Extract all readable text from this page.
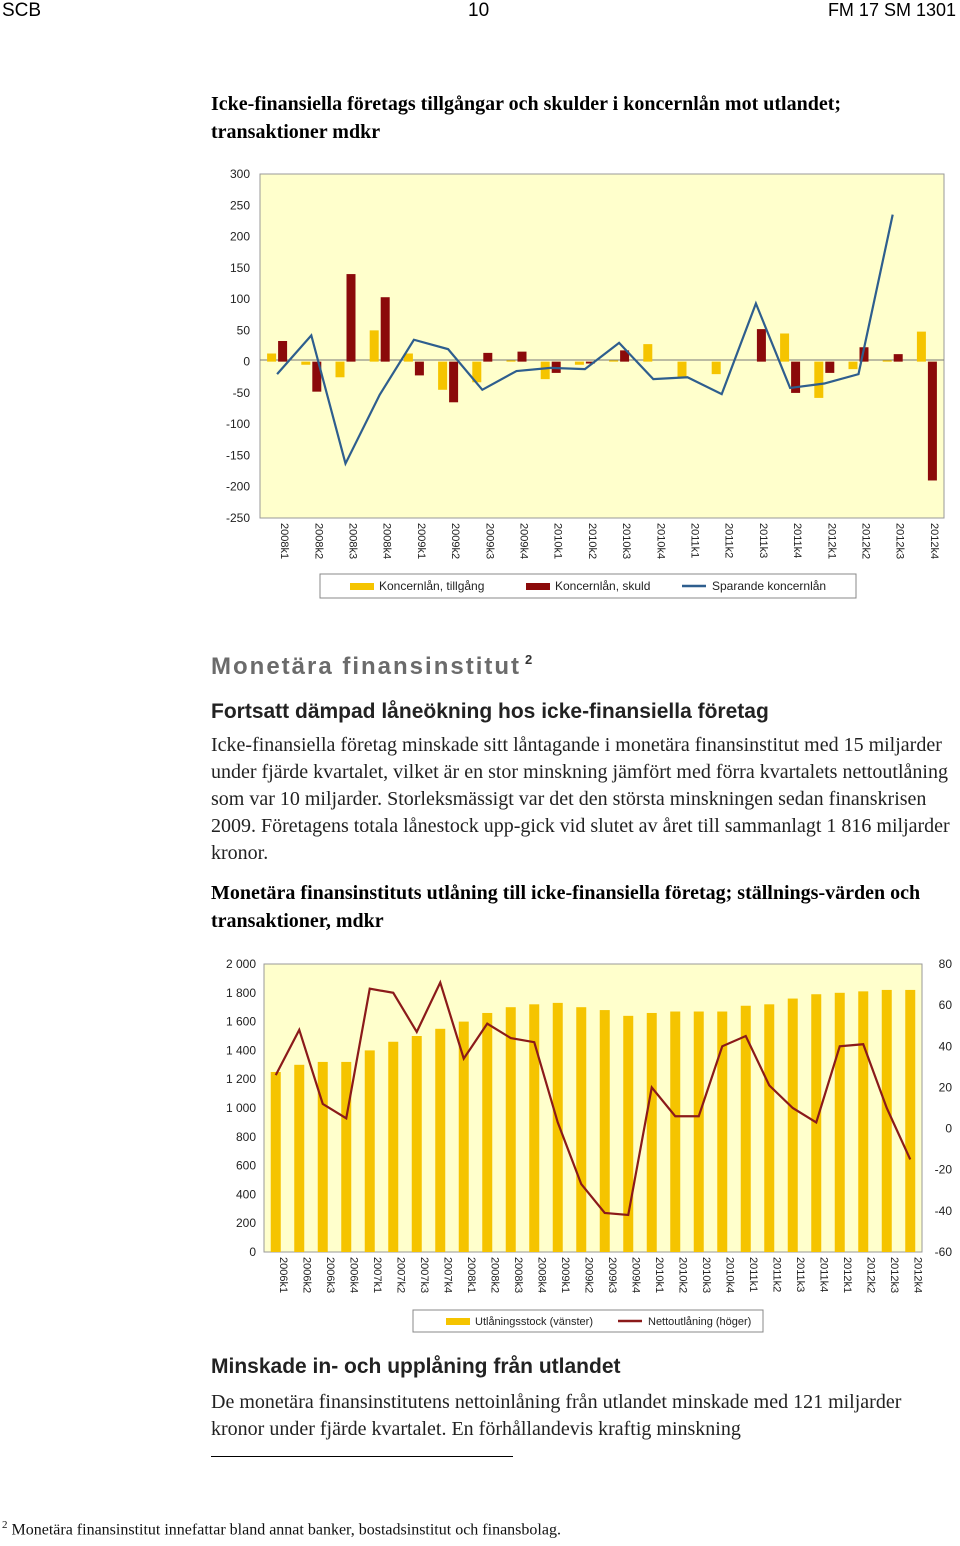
SCB	10	FM 17 SM 1301
Icke-finansiella företags tillgångar och skulder i koncernlån mot utlandet; transaktioner mdkr
300
250
200
150
100
50
0
-50
-100
-150
-200
-250
2008k1 2008k2 2008k3 2008k4 2009k1 2009k2 2009k3 2009k4 2010k1 2010k2 2010k3 2010k4 2011k1 2011k2 2011k3 2011k4 2012k1 2012k2 2012k3 2012k4
Koncernlån, tillgång	Koncernlån, skuld	Sparande koncernlån
Monetära finansinstitut $^2$
Fortsatt dämpad låneökning hos icke-finansiella företag
Icke-finansiella företag minskade sitt låntagande i monetära finansinstitut med 15 miljarder under fjärde kvartalet, vilket är en stor minskning jämfört med förra kvartalets nettoutlåning som var 10 miljarder. Storleksmässigt var det den största minskningen sedan finanskrisen 2009. Företagens totala lånestock upp-gick vid slutet av året till sammanlagt 1 816 miljarder kronor.
Monetära finansinstituts utlåning till icke-finansiella företag; ställnings-värden och transaktioner, mdkr
2 000
1 800
1 600
1 400
1 200
1 000
800
600
400
200
0
80
60
40
20
0
-20
-40
-60
2006k1 2006k2 2006k3 2006k4 2007k1 2007k2 2007k3 2007k4 2008k1 2008k2 2008k3 2008k4 2009k1 2009k2 2009k3 2009k4 2010k1 2010k2 2010k3 2010k4 2011k1 2011k2 2011k3 2011k4 2012k1 2012k2 2012k3 2012k4
Utlåningsstock (vänster)	Nettoutlåning (höger)
Minskade in- och upplåning från utlandet
De monetära finansinstitutens nettoinlåning från utlandet minskade med 121 miljarder kronor under fjärde kvartalet. En förhållandevis kraftig minskning
$^2$ Monetära finansinstitut innefattar bland annat banker, bostadsinstitut och finansbolag.
